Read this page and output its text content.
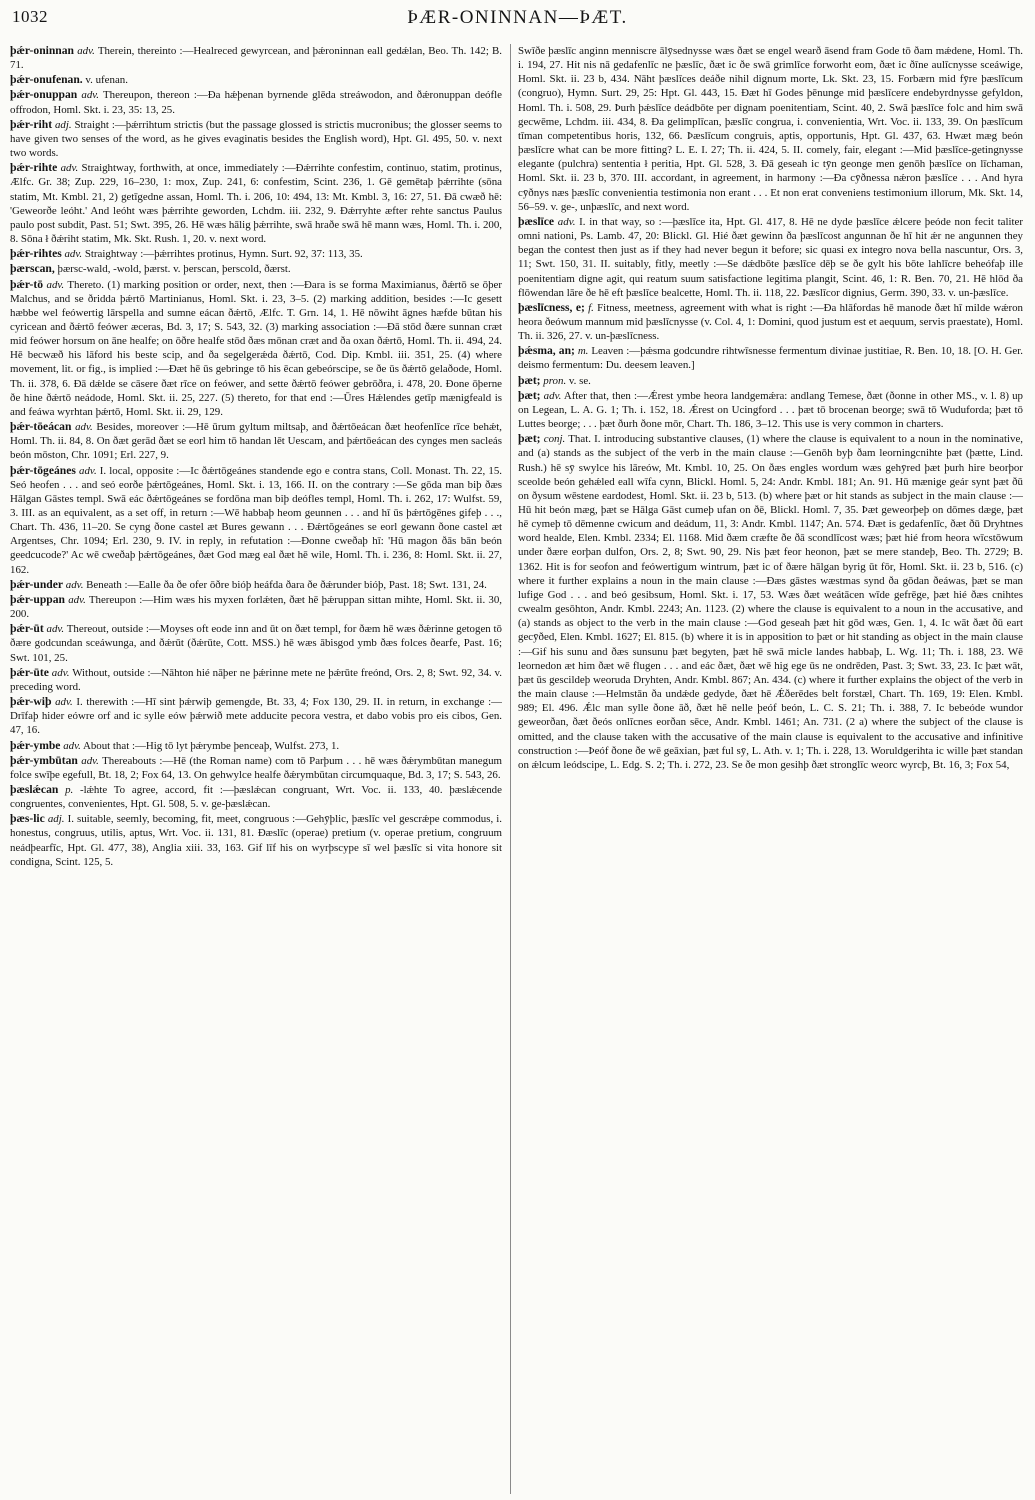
1032	ÞÆR-ONINNAN—ÞÆT.

þǽr-oninnan adv. Therein, thereinto :—Healreced gewyrcean, and þǽroninnan eall gedǽlan, Beo. Th. 142; B. 71.

þǽr-onufenan. v. ufenan.

þǽr-onuppan adv. Thereupon, thereon :—Ða hǽþenan byrnende glēda streáwodon, and ðǽronuppan deófle offrodon, Homl. Skt. i. 23, 35: 13, 25.

þǽr-riht adj. Straight :—þǽrrihtum strictis (but the passage glossed is strictis mucronibus; the glosser seems to have given two senses of the word, as he gives evaginatis besides the English word), Hpt. Gl. 495, 50. v. next two words.

þǽr-rihte adv. Straightway, forthwith, at once, immediately :—Ðǽrrihte confestim, continuo, statim, protinus, Ælfc. Gr. 38; Zup. 229, 16–230, 1: mox, Zup. 241, 6: confestim, Scint. 236, 1. Gē gemētaþ þǽrrihte (sōna statim, Mt. Kmbl. 21, 2) getīgedne assan, Homl. Th. i. 206, 10: 494, 13: Mt. Kmbl. 3, 16: 27, 51. Ðā cwæð hē: 'Geweorðe leóht.' And leóht wæs þǽrrihte geworden, Lchdm. iii. 232, 9. Ðǽrryhte æfter rehte sanctus Paulus paulo post subdit, Past. 51; Swt. 395, 26. Hē wæs hālig þǽrrihte, swā hraðe swā hē mann wæs, Homl. Th. i. 200, 8. Sōna ł ðǽriht statim, Mk. Skt. Rush. 1, 20. v. next word.

þǽr-rihtes adv. Straightway :—þǽrrihtes protinus, Hymn. Surt. 92, 37: 113, 35.

þærscan, þærsc-wald, -wold, þærst. v. þerscan, þerscold, ðærst.

þǽr-tō adv. Thereto. (1) marking position or order, next, then :—Ðara is se forma Maximianus, ðǽrtō se ōþer Malchus, and se ðridda þǽrtō Martinianus, Homl. Skt. i. 23, 3–5. (2) marking addition, besides :—Ic gesett hæbbe wel feówertig lārspella and sumne eácan ðǽrtō, Ælfc. T. Grn. 14, 1. Hē nōwiht āgnes hæfde būtan his cyricean and ðǽrtō feówer æceras, Bd. 3, 17; S. 543, 32. (3) marking association :—Ðā stōd ðære sunnan cræt mid feówer horsum on āne healfe; on ōðre healfe stōd ðæs mōnan cræt and ða oxan ðǽrtō, Homl. Th. ii. 494, 24. Hē becwæð his lāford his beste scip, and ða segelgerǽda ðǽrtō, Cod. Dip. Kmbl. iii. 351, 25. (4) where movement, lit. or fig., is implied :—Ðæt hē ūs gebringe tō his ēcan gebeórscipe, se ðe ūs ðǽrtō gelaðode, Homl. Th. ii. 378, 6. Ðā dǽlde se cāsere ðæt rīce on feówer, and sette ðǽrtō feówer gebrōðra, i. 478, 20. Ðone ōþerne ðe hine ðǽrtō neádode, Homl. Skt. ii. 25, 227. (5) thereto, for that end :—Ūres Hǽlendes getīp mænigfeald is and feáwa wyrhtan þǽrtō, Homl. Skt. ii. 29, 129.

þǽr-tōeácan adv. Besides, moreover :—Hē ūrum gyltum miltsaþ, and ðǽrtōeácan ðæt heofenlīce rīce behǽt, Homl. Th. ii. 84, 8. On ðæt gerād ðæt se eorl him tō handan lēt Uescam, and þǽrtōeácan des cynges men sacleás beón mōston, Chr. 1091; Erl. 227, 9.

þǽr-tōgeánes adv. I. local, opposite :—Ic ðǽrtōgeánes standende ego e contra stans, Coll. Monast. Th. 22, 15. Seó heofen . . . and seó eorðe þǽrtōgeánes, Homl. Skt. i. 13, 166. II. on the contrary :—Se gōda man biþ ðæs Hālgan Gāstes templ. Swā eác ðǽrtōgeánes se fordōna man biþ deófles templ, Homl. Th. i. 262, 17: Wulfst. 59, 3. III. as an equivalent, as a set off, in return :—Wē habbaþ heom geunnen . . . and hī ūs þǽrtōgēnes gifeþ . . ., Chart. Th. 436, 11–20. Se cyng ðone castel æt Bures gewann . . . Ðǽrtōgeánes se eorl gewann ðone castel æt Argentses, Chr. 1094; Erl. 230, 9. IV. in reply, in refutation :—Ðonne cweðaþ hī: 'Hū magon ðās bān beón geedcucode?' Ac wē cweðaþ þǽrtōgeánes, ðæt God mæg eal ðæt hē wile, Homl. Th. i. 236, 8: Homl. Skt. ii. 27, 162.

þǽr-under adv. Beneath :—Ealle ða ðe ofer ōðre bióþ heáfda ðara ðe ðǽrunder bióþ, Past. 18; Swt. 131, 24.

þǽr-uppan adv. Thereupon :—Him wæs his myxen forlǽten, ðæt hē þǽruppan sittan mihte, Homl. Skt. ii. 30, 200.

þǽr-ūt adv. Thereout, outside :—Moyses oft eode inn and ūt on ðæt templ, for ðæm hē wæs ðǽrinne getogen tō ðære godcundan sceáwunga, and ðǽrūt (ðǽrūte, Cott. MSS.) hē wæs ābisgod ymb ðæs folces ðearfe, Past. 16; Swt. 101, 25.

þǽr-ūte adv. Without, outside :—Nāhton hié nāþer ne þǽrinne mete ne þǽrūte freónd, Ors. 2, 8; Swt. 92, 34. v. preceding word.

þǽr-wiþ adv. I. therewith :—Hī sint þǽrwiþ gemengde, Bt. 33, 4; Fox 130, 29. II. in return, in exchange :—Drīfaþ hider eówre orf and ic sylle eów þǽrwið mete adducite pecora vestra, et dabo vobis pro eis cibos, Gen. 47, 16.

þǽr-ymbe adv. About that :—Hig tō lyt þǽrymbe þenceaþ, Wulfst. 273, 1.

þǽr-ymbūtan adv. Thereabouts :—Hē (the Roman name) com tō Parþum . . . hē wæs ðǽrymbūtan manegum folce swīþe egefull, Bt. 18, 2; Fox 64, 13. On gehwylce healfe ðǽrymbūtan circumquaque, Bd. 3, 17; S. 543, 26.

þæslǽcan p. -lǽhte To agree, accord, fit :—þæslǽcan congruant, Wrt. Voc. ii. 133, 40. þæslǽcende congruentes, convenientes, Hpt. Gl. 508, 5. v. ge-þæslǽcan.

þæs-lic adj. I. suitable, seemly, becoming, fit, meet, congruous :—Gehȳþlic, þæslīc vel gescrǽpe commodus, i. honestus, congruus, utilis, aptus, Wrt. Voc. ii. 131, 81. Ðæslīc (operae) pretium (v. operae pretium, congruum neádþearfīc, Hpt. Gl. 477, 38), Anglia xiii. 33, 163. Gif līf his on wyrþscype sī wel þæslīc si vita honore sit condigna, Scint. 125, 5.

Swīðe þæslīc anginn menniscre ālȳsednysse wæs ðæt se engel wearð āsend fram Gode tō ðam mǽdene, Homl. Th. i. 194, 27. Hit nis nā gedafenlīc ne þæslīc, ðæt ic ðe swā grimlīce forworht eom, ðæt ic ðīne aulīcnysse sceáwige, Homl. Skt. ii. 23 b, 434. Nāht þæslīces deáðe nihil dignum morte, Lk. Skt. 23, 15. Forbærn mid fȳre þæslīcum (congruo), Hymn. Surt. 29, 25: Hpt. Gl. 443, 15. Ðæt hī Godes þēnunge mid þæslīcere endebyrdnysse gefyldon, Homl. Th. i. 508, 29. Þurh þǽslīce deádbōte per dignam poenitentiam, Scint. 40, 2. Swā þæslīce folc and him swā gecwēme, Lchdm. iii. 434, 8. Ða gelimplīcan, þæslīc congrua, i. convenientia, Wrt. Voc. ii. 133, 39. On þæslīcum tīman competentibus horis, 132, 66. Þæslīcum congruis, aptis, opportunis, Hpt. Gl. 437, 63. Hwæt mæg beón þæslīcre what can be more fitting? L. E. I. 27; Th. ii. 424, 5. II. comely, fair, elegant :—Mid þæslīce-getingnysse elegante (pulchra) sententia ł peritia, Hpt. Gl. 528, 3. Ðā geseah ic tȳn geonge men genōh þæslīce on līchaman, Homl. Skt. ii. 23 b, 370. III. accordant, in agreement, in harmony :—Ða cȳðnessa nǽron þæslīce . . . And hyra cȳðnys næs þæslīc convenientia testimonia non erant . . . Et non erat conveniens testimonium illorum, Mk. Skt. 14, 56–59. v. ge-, unþæslīc, and next word.

þæslīce adv. I. in that way, so :—þæslīce ita, Hpt. Gl. 417, 8. Hē ne dyde þæslīce ǽlcere þeóde non fecit taliter omni nationi, Ps. Lamb. 47, 20: Blickl. Gl. Hié ðæt gewinn ða þæslīcost angunnan ðe hī hit ǽr ne angunnen they began the contest then just as if they had never begun it before; sic quasi ex integro nova bella nascuntur, Ors. 3, 11; Swt. 150, 31. II. suitably, fitly, meetly :—Se dǽdbōte þæslīce dēþ se ðe gylt his bōte lahlīcre beheófaþ ille poenitentiam digne agit, qui reatum suum satisfactione legitima plangit, Scint. 46, 1: R. Ben. 70, 21. Hē hlōd ða flōwendan lāre ðe hē eft þæslīce bealcette, Homl. Th. ii. 118, 22. Þæslīcor dignius, Germ. 390, 33. v. un-þæslīce.

þæslīcness, e; f. Fitness, meetness, agreement with what is right :—Ða hlāfordas hē manode ðæt hī milde wǽron heora ðeówum mannum mid þæslīcnysse (v. Col. 4, 1: Domini, quod justum est et aequum, servis praestate), Homl. Th. ii. 326, 27. v. un-þæslīcness.

þǽsma, an; m. Leaven :—þǽsma godcundre rihtwīsnesse fermentum divinae justitiae, R. Ben. 10, 18. [O. H. Ger. deismo fermentum: Du. deesem leaven.]

þæt; pron. v. se.

þæt; adv. After that, then :—Ǽrest ymbe heora landgemǽra: andlang Temese, ðæt (ðonne in other MS., v. l. 8) up on Legean, L. A. G. 1; Th. i. 152, 18. Ǽrest on Ucingford . . . þæt tō brocenan beorge; swā tō Wuduforda; þæt tō Luttes beorge; . . . þæt ðurh ðone mōr, Chart. Th. 186, 3–12. This use is very common in charters.

þæt; conj. That. I. introducing substantive clauses, (1) where the clause is equivalent to a noun in the nominative, and (a) stands as the subject of the verb in the main clause :—Genōh byþ ðam leorningcnihte þæt (þætte, Lind. Rush.) hē sȳ swylce his lāreów, Mt. Kmbl. 10, 25. On ðæs engles wordum wæs gehȳred þæt þurh hire beorþor sceolde beón gehǽled eall wīfa cynn, Blickl. Homl. 5, 24: Andr. Kmbl. 181; An. 91. Hū mænige geár synt þæt ðū on ðysum wēstene eardodest, Homl. Skt. ii. 23 b, 513. (b) where þæt or hit stands as subject in the main clause :—Hū hit beón mæg, þæt se Hālga Gāst cumeþ ufan on ðē, Blickl. Homl. 7, 35. Þæt geweorþeþ on dōmes dæge, þæt hē cymeþ tō dēmenne cwicum and deádum, 11, 3: Andr. Kmbl. 1147; An. 574. Ðæt is gedafenlīc, ðæt ðū Dryhtnes word healde, Elen. Kmbl. 2334; El. 1168. Mid ðæm cræfte ðe ðā scondlīcost wæs; þæt hié from heora wīcstōwum under ðære eorþan dulfon, Ors. 2, 8; Swt. 90, 29. Nis þæt feor heonon, þæt se mere standeþ, Beo. Th. 2729; B. 1362. Hit is for seofon and feówertigum wintrum, þæt ic of ðære hālgan byrig ūt fōr, Homl. Skt. ii. 23 b, 516. (c) where it further explains a noun in the main clause :—Ðæs gāstes wæstmas synd ða gōdan ðeáwas, þæt se man lufige God . . . and beó gesibsum, Homl. Skt. i. 17, 53. Wæs ðæt weátācen wīde gefrēge, þæt hié ðæs cnihtes cwealm gesōhton, Andr. Kmbl. 2243; An. 1123. (2) where the clause is equivalent to a noun in the accusative, and (a) stands as object to the verb in the main clause :—God geseah þæt hit gōd wæs, Gen. 1, 4. Ic wāt ðæt ðū eart gecȳðed, Elen. Kmbl. 1627; El. 815. (b) where it is in apposition to þæt or hit standing as object in the main clause :—Gif his sunu and ðæs sunsunu þæt begyten, þæt hē swā micle landes habbaþ, L. Wg. 11; Th. i. 188, 23. Wē leornedon æt him ðæt wē flugen . . . and eác ðæt, ðæt wē hig ege ūs ne ondrēden, Past. 3; Swt. 33, 23. Ic þæt wāt, þæt ūs gescildeþ weoruda Dryhten, Andr. Kmbl. 867; An. 434. (c) where it further explains the object of the verb in the main clause :—Helmstān ða undǽde gedyde, ðæt hē Ǽðerēdes belt forstæl, Chart. Th. 169, 19: Elen. Kmbl. 989; El. 496. Ǽlc man sylle ðone āð, ðæt hē nelle þeóf beón, L. C. S. 21; Th. i. 388, 7. Ic bebeóde wundor geweorðan, ðæt ðeós onlīcnes eorðan sēce, Andr. Kmbl. 1461; An. 731. (2 a) where the subject of the clause is omitted, and the clause taken with the accusative of the main clause is equivalent to the accusative and infinitive construction :—Þeóf ðone ðe wē geāxian, þæt ful sȳ, L. Ath. v. 1; Th. i. 228, 13. Woruldgerihta ic wille þæt standan on ǽlcum leódscipe, L. Edg. S. 2; Th. i. 272, 23. Se ðe mon gesihþ ðæt stronglīc weorc wyrcþ, Bt. 16, 3; Fox 54,
